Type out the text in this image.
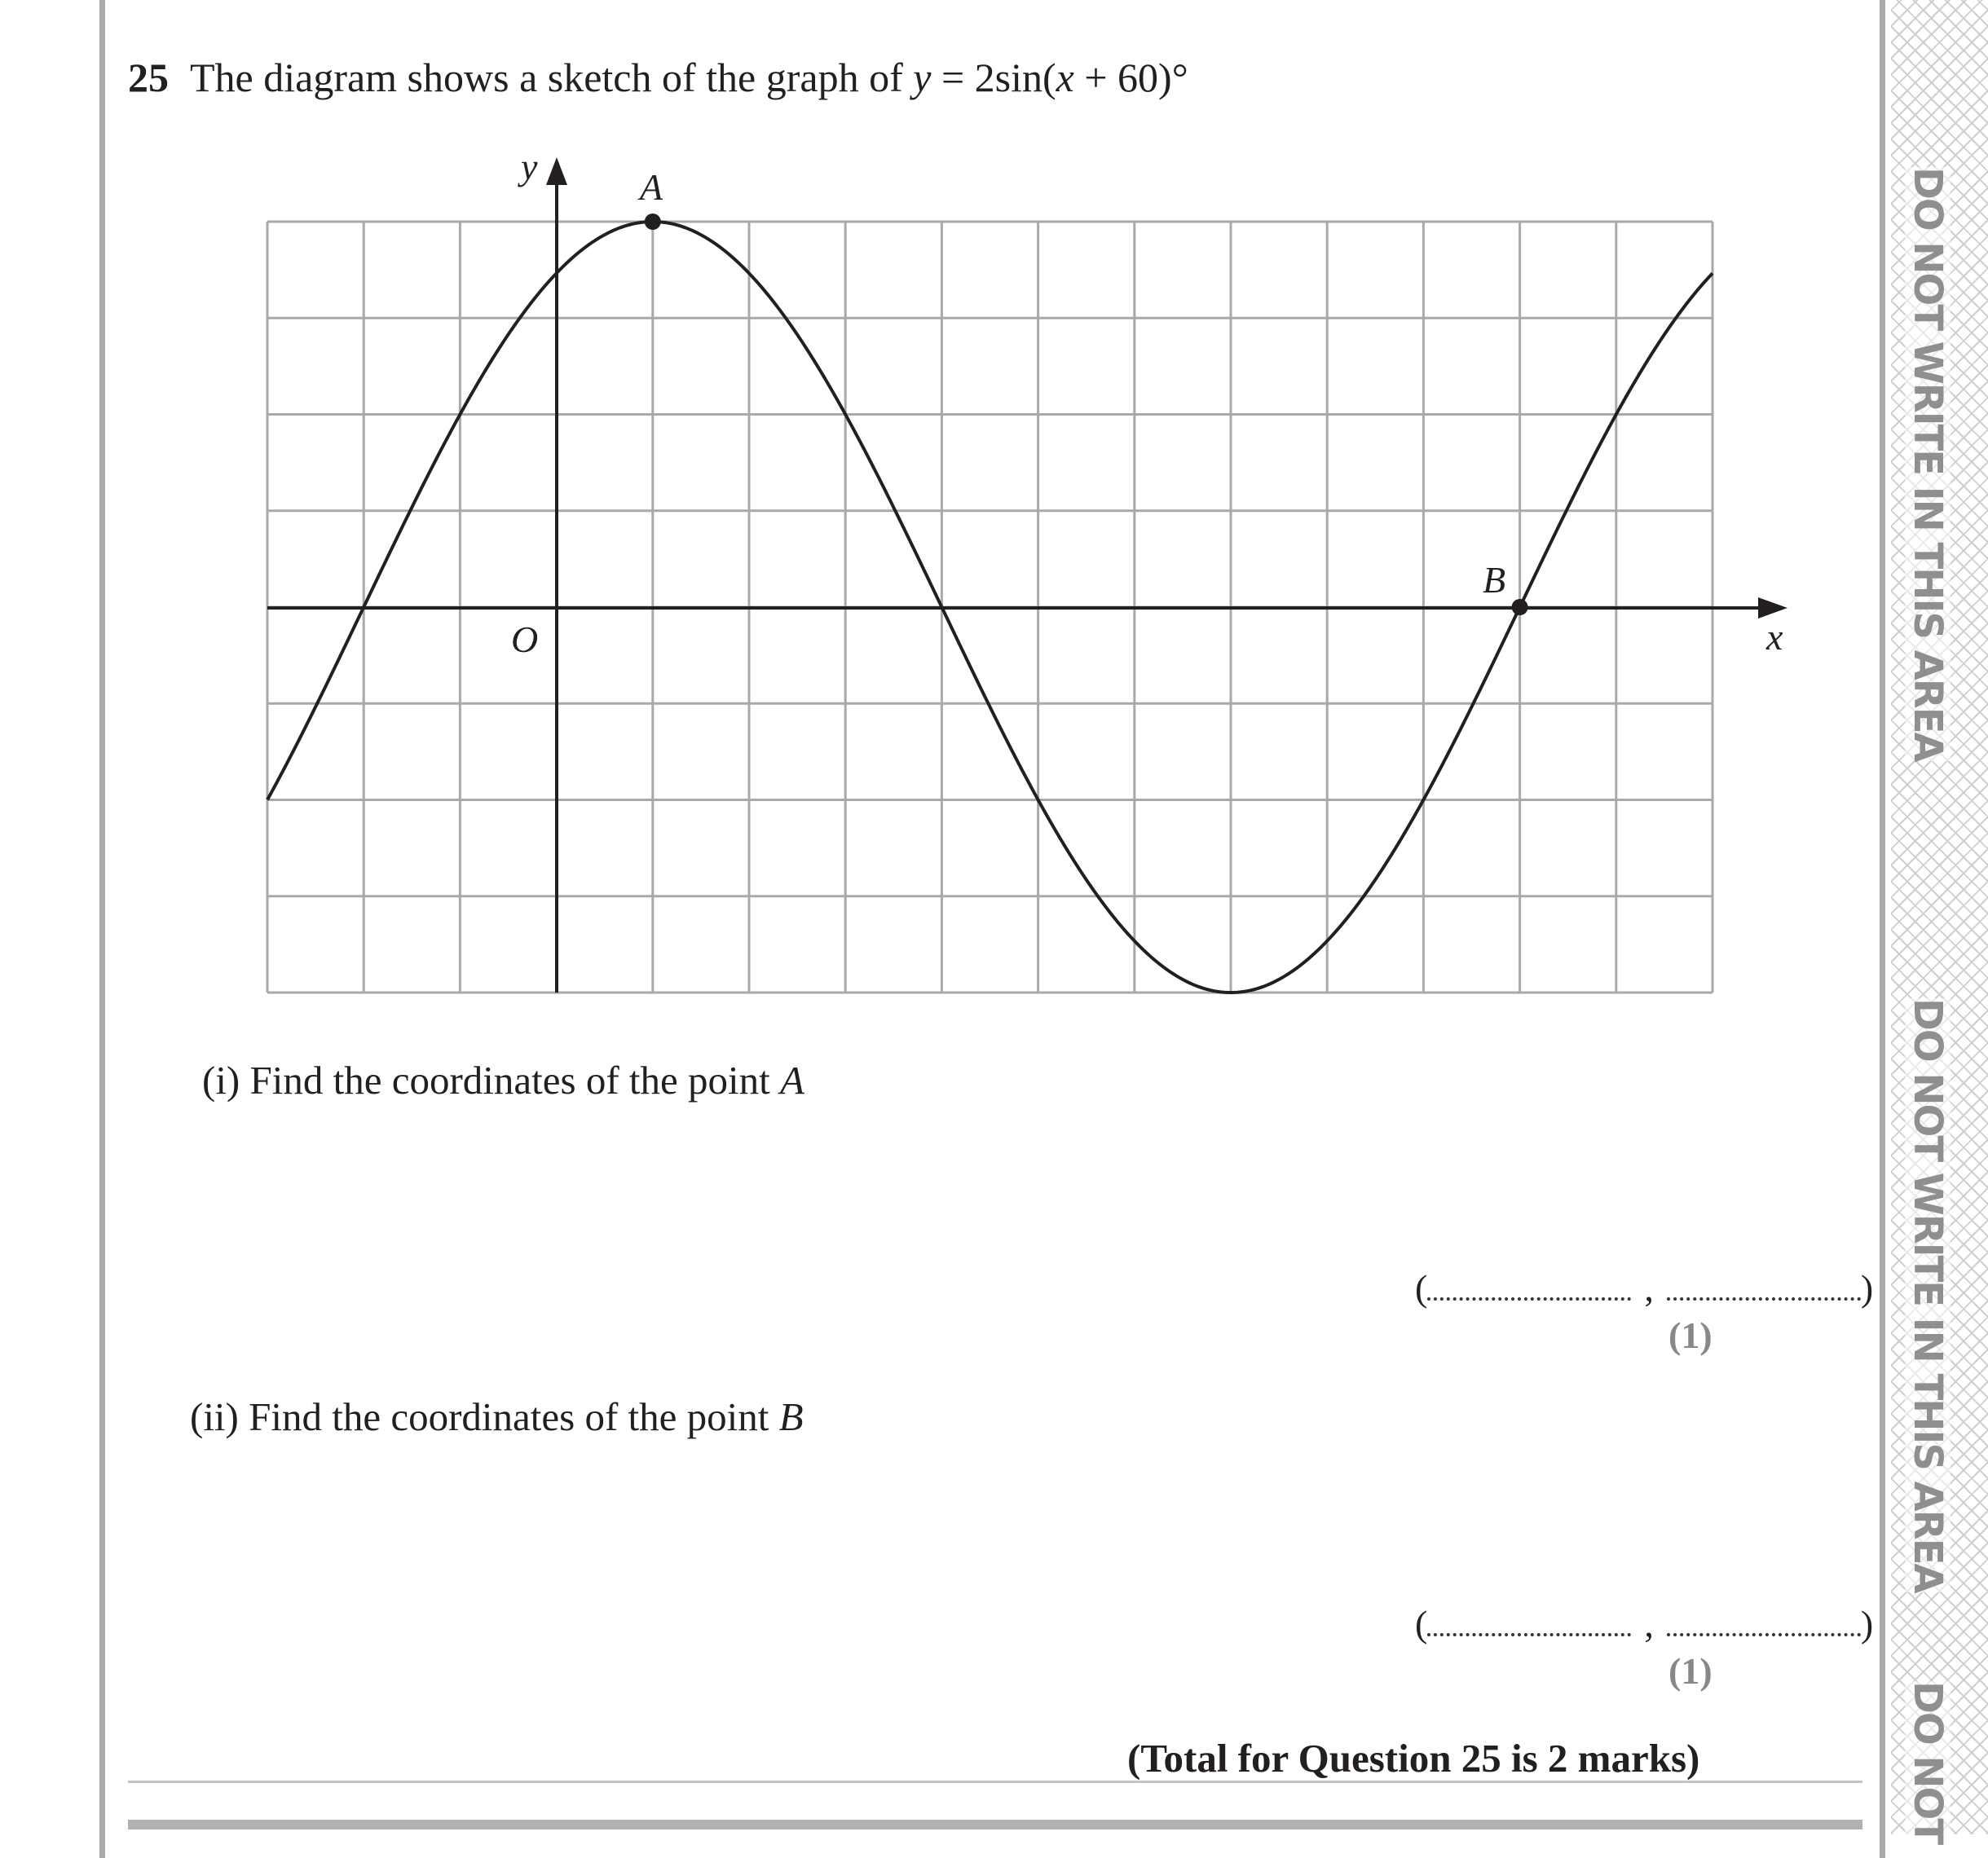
25 The diagram shows a sketch of the graph of y = 2sin(x + 60)°
y
x
O
A
B
(i) Find the coordinates of the point A
(	,	)
(1)
(ii) Find the coordinates of the point B
(	,	)
(1)
(Total for Question 25 is 2 marks)
DO NOT WRITE IN THIS AREA
DO NOT WRITE IN THIS AREA
DO NOT
